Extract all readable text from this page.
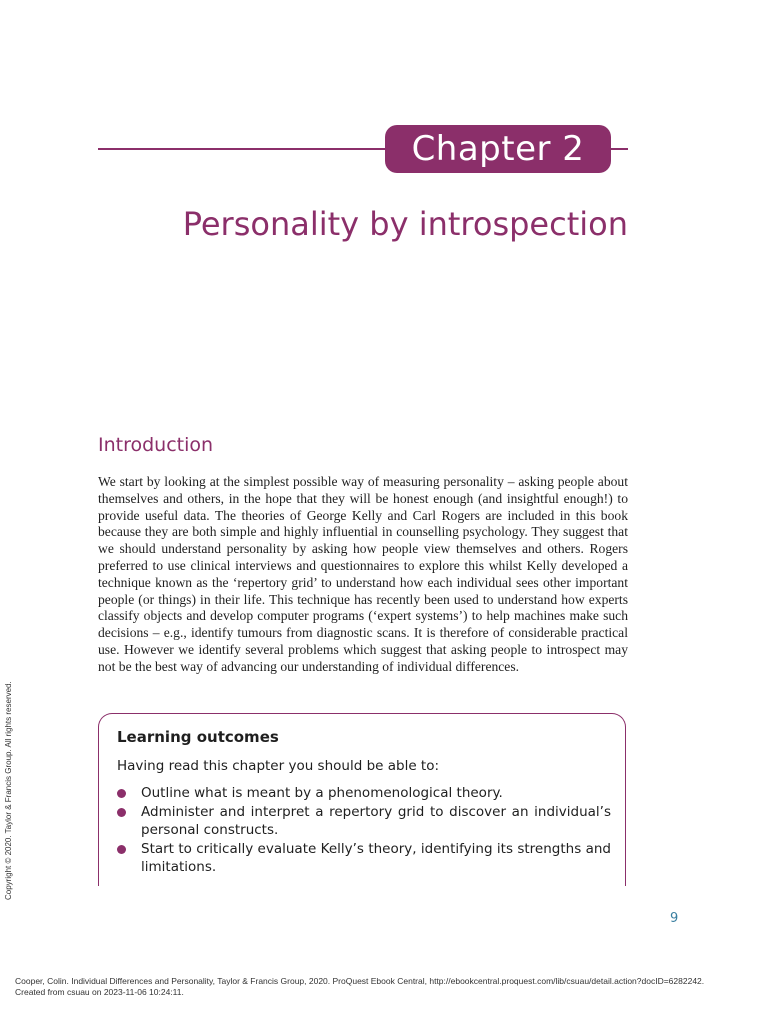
Chapter 2
Personality by introspection
Introduction

We start by looking at the simplest possible way of measuring personality – asking people about themselves and others, in the hope that they will be honest enough (and insightful enough!) to provide useful data. The theories of George Kelly and Carl Rogers are included in this book because they are both simple and highly influential in counselling psychology. They suggest that we should understand personality by asking how people view themselves and others. Rogers preferred to use clinical interviews and questionnaires to explore this whilst Kelly developed a technique known as the ‘repertory grid’ to understand how each individual sees other important people (or things) in their life. This technique has recently been used to understand how experts classify objects and develop computer programs (‘expert systems’) to help machines make such decisions – e.g., identify tumours from diagnostic scans. It is therefore of considerable practical use. However we identify several problems which suggest that asking people to introspect may not be the best way of advancing our understanding of individual differences.

Learning outcomes

Having read this chapter you should be able to:

Outline what is meant by a phenomenological theory.
Administer and interpret a repertory grid to discover an individual’s personal constructs.
Start to critically evaluate Kelly’s theory, identifying its strengths and limitations.
9
Copyright © 2020. Taylor & Francis Group. All rights reserved.
Cooper, Colin. Individual Differences and Personality, Taylor & Francis Group, 2020. ProQuest Ebook Central, http://ebookcentral.proquest.com/lib/csuau/detail.action?docID=6282242.
Created from csuau on 2023-11-06 10:24:11.
